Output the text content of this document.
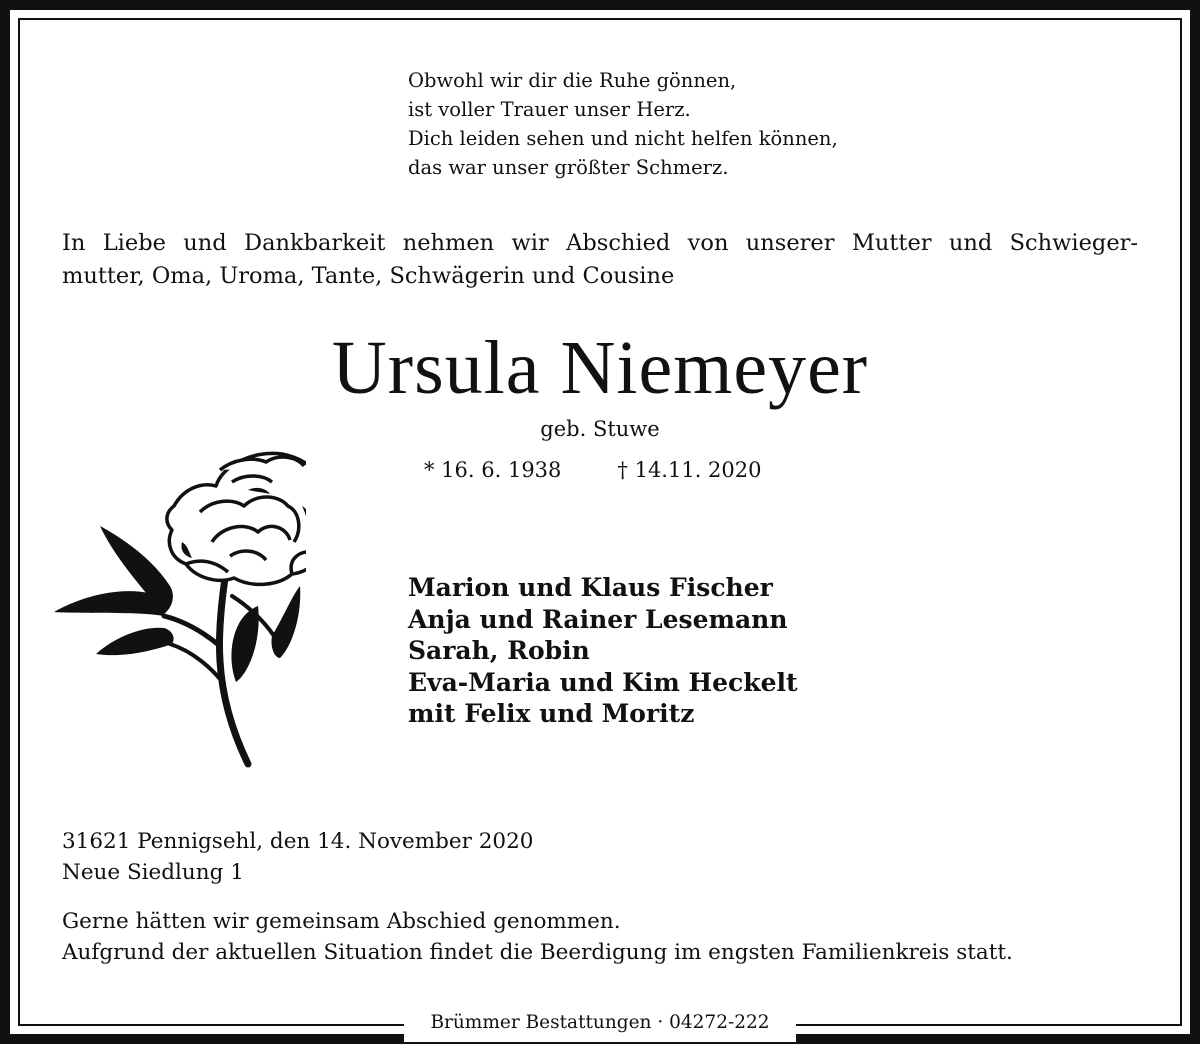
Obwohl wir dir die Ruhe gönnen,
ist voller Trauer unser Herz.
Dich leiden sehen und nicht helfen können,
das war unser größter Schmerz.
In Liebe und Dankbarkeit nehmen wir Abschied von unserer Mutter und Schwieger-
mutter, Oma, Uroma, Tante, Schwägerin und Cousine
Ursula Niemeyer
geb. Stuwe
* 16. 6. 1938	† 14.11. 2020
Marion und Klaus Fischer
Anja und Rainer Lesemann
Sarah, Robin
Eva-Maria und Kim Heckelt
mit Felix und Moritz
31621 Pennigsehl, den 14. November 2020
Neue Siedlung 1
Gerne hätten wir gemeinsam Abschied genommen.
Aufgrund der aktuellen Situation findet die Beerdigung im engsten Familienkreis statt.
Brümmer Bestattungen · 04272-222
